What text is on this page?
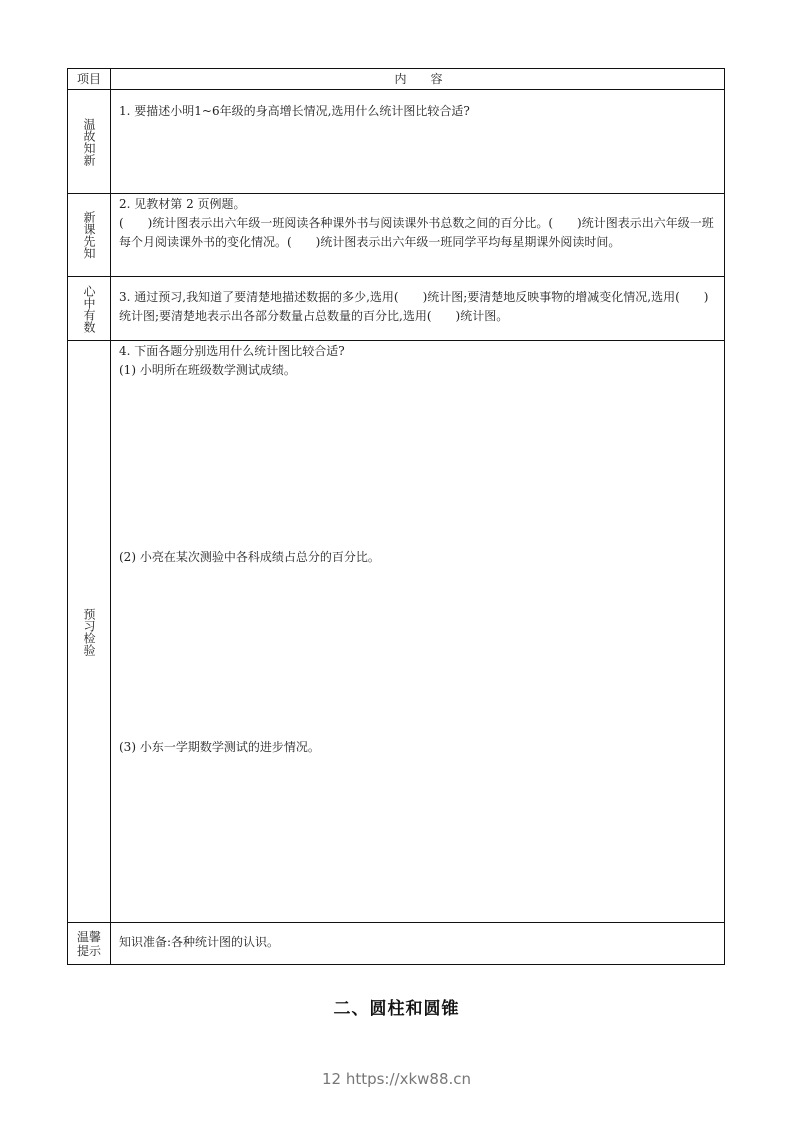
项目	内　　容
温故知新
1. 要描述小明1~6年级的身高增长情况,选用什么统计图比较合适?
新课先知
2. 见教材第 2 页例题。
(　　)统计图表示出六年级一班阅读各种课外书与阅读课外书总数之间的百分比。(　　)统计图表示出六年级一班每个月阅读课外书的变化情况。(　　)统计图表示出六年级一班同学平均每星期课外阅读时间。
心中有数	3. 通过预习,我知道了要清楚地描述数据的多少,选用(　　)统计图;要清楚地反映事物的增减变化情况,选用(　　)统计图;要清楚地表示出各部分数量占总数量的百分比,选用(　　)统计图。
预习检验
4. 下面各题分别选用什么统计图比较合适?
(1) 小明所在班级数学测试成绩。
(2) 小亮在某次测验中各科成绩占总分的百分比。
(3) 小东一学期数学测试的进步情况。
温馨提示
知识准备:各种统计图的认识。
二、圆柱和圆锥
12 https://xkw88.cn
